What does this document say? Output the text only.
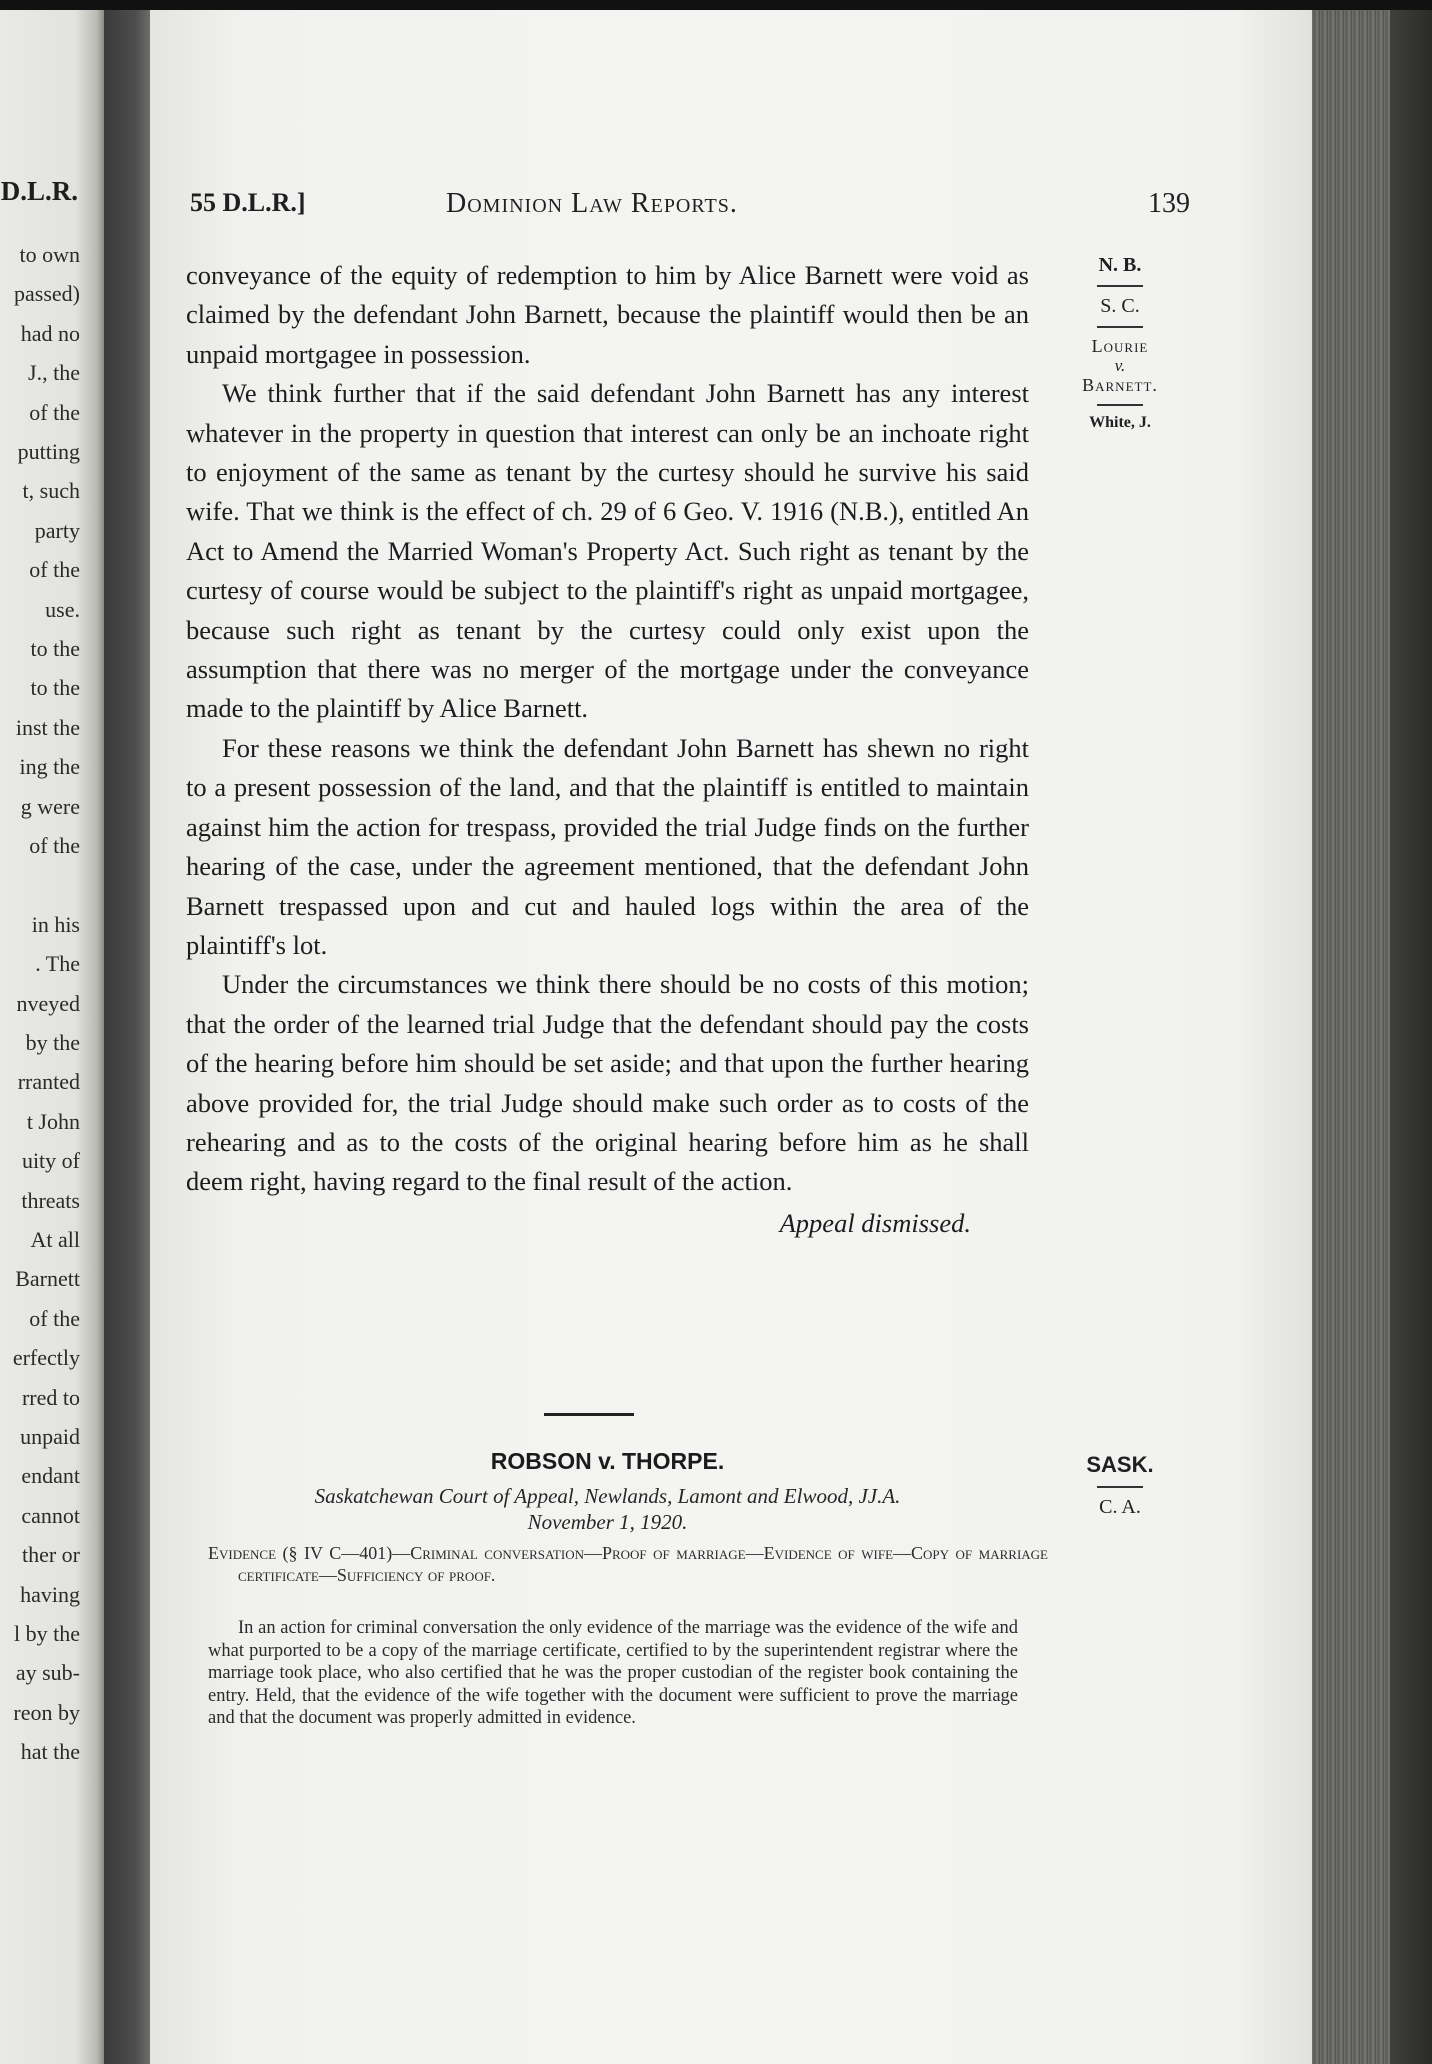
D.L.R.
to own
passed)
had no
J., the
of the
putting
t, such
party
of the
use.
to the
to the
inst the
ing the
g were
of the
in his
. The
nveyed
by the
rranted
t John
uity of
threats
At all
Barnett
of the
erfectly
rred to
unpaid
endant
cannot
ther or
having
l by the
ay sub-
reon by
hat the
55 D.L.R.]	Dominion Law Reports.	139
N. B.
S. C.
Lourie
v.
Barnett.
White, J.

conveyance of the equity of redemption to him by Alice Barnett were void as claimed by the defendant John Barnett, because the plaintiff would then be an unpaid mortgagee in possession.

We think further that if the said defendant John Barnett has any interest whatever in the property in question that interest can only be an inchoate right to enjoyment of the same as tenant by the curtesy should he survive his said wife. That we think is the effect of ch. 29 of 6 Geo. V. 1916 (N.B.), entitled An Act to Amend the Married Woman's Property Act. Such right as tenant by the curtesy of course would be subject to the plaintiff's right as unpaid mortgagee, because such right as tenant by the curtesy could only exist upon the assumption that there was no merger of the mortgage under the conveyance made to the plaintiff by Alice Barnett.

For these reasons we think the defendant John Barnett has shewn no right to a present possession of the land, and that the plaintiff is entitled to maintain against him the action for trespass, provided the trial Judge finds on the further hearing of the case, under the agreement mentioned, that the defendant John Barnett trespassed upon and cut and hauled logs within the area of the plaintiff's lot.

Under the circumstances we think there should be no costs of this motion; that the order of the learned trial Judge that the defendant should pay the costs of the hearing before him should be set aside; and that upon the further hearing above provided for, the trial Judge should make such order as to costs of the rehearing and as to the costs of the original hearing before him as he shall deem right, having regard to the final result of the action.

Appeal dismissed.

ROBSON v. THORPE.
Saskatchewan Court of Appeal, Newlands, Lamont and Elwood, JJ.A.
November 1, 1920.
Evidence (§ IV C—401)—Criminal conversation—Proof of marriage—Evidence of wife—Copy of marriage certificate—Sufficiency of proof.
In an action for criminal conversation the only evidence of the marriage was the evidence of the wife and what purported to be a copy of the marriage certificate, certified to by the superintendent registrar where the marriage took place, who also certified that he was the proper custodian of the register book containing the entry. Held, that the evidence of the wife together with the document were sufficient to prove the marriage and that the document was properly admitted in evidence.
SASK.
C. A.
